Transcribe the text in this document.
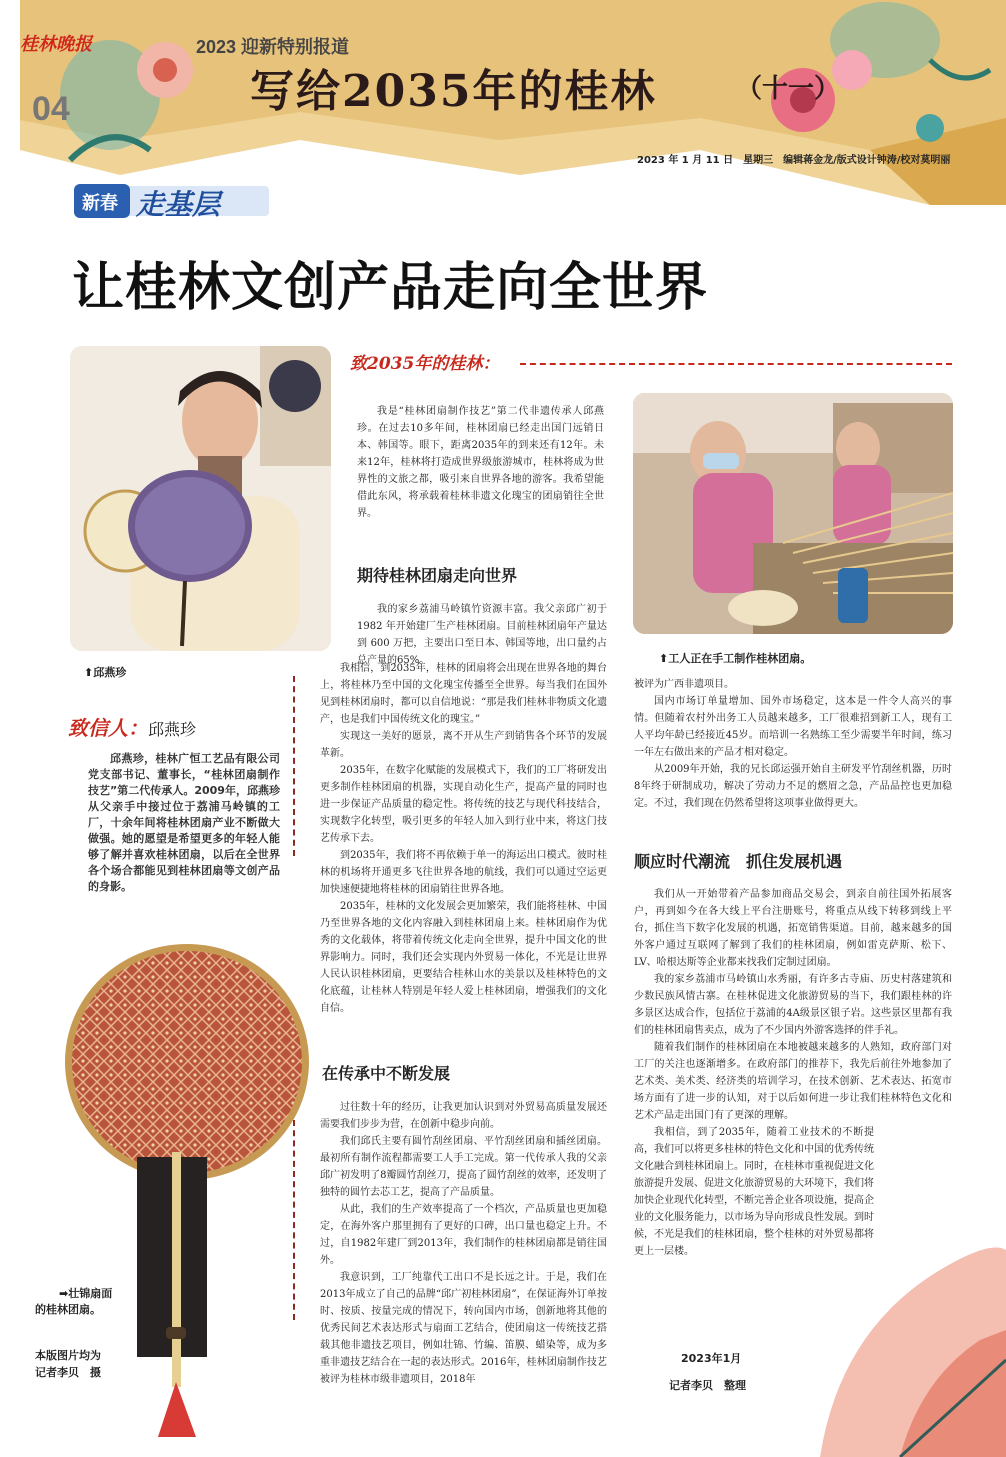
桂林晚报
04
2023 迎新特别报道
写给2035年的桂林	（十一）
2023 年 1 月 11 日　星期三　编辑蒋金龙/版式设计钟涛/校对莫明丽
新春 走基层
让桂林文创产品走向全世界
⬆邱燕珍
⬆工人正在手工制作桂林团扇。
➡壮锦扇面
的桂林团扇。
本版图片均为
记者李贝　摄
致信人：邱燕珍

邱燕珍，桂林广恒工艺品有限公司党支部书记、董事长，“桂林团扇制作技艺”第二代传承人。2009年，邱燕珍从父亲手中接过位于荔浦马岭镇的工厂，十余年间将桂林团扇产业不断做大做强。她的愿望是希望更多的年轻人能够了解并喜欢桂林团扇，以后在全世界各个场合都能见到桂林团扇等文创产品的身影。

致2035年的桂林：

我是“桂林团扇制作技艺”第二代非遗传承人邱燕珍。在过去10多年间，桂林团扇已经走出国门远销日本、韩国等。眼下，距离2035年的到来还有12年。未来12年，桂林将打造成世界级旅游城市，桂林将成为世界性的文旅之都，吸引来自世界各地的游客。我希望能借此东风，将承载着桂林非遗文化瑰宝的团扇销往全世界。

期待桂林团扇走向世界

我的家乡荔浦马岭镇竹资源丰富。我父亲邱广初于 1982 年开始建厂生产桂林团扇。目前桂林团扇年产量达到 600 万把，主要出口至日本、韩国等地，出口量约占总产量的65%。

我相信，到2035年，桂林的团扇将会出现在世界各地的舞台上，将桂林乃至中国的文化瑰宝传播至全世界。每当我们在国外见到桂林团扇时，都可以自信地说：“那是我们桂林非物质文化遗产，也是我们中国传统文化的瑰宝。”

实现这一美好的愿景，离不开从生产到销售各个环节的发展革新。

2035年，在数字化赋能的发展模式下，我们的工厂将研发出更多制作桂林团扇的机器，实现自动化生产，提高产量的同时也进一步保证产品质量的稳定性。将传统的技艺与现代科技结合，实现数字化转型，吸引更多的年轻人加入到行业中来，将这门技艺传承下去。

到2035年，我们将不再依赖于单一的海运出口模式。彼时桂林的机场将开通更多飞往世界各地的航线，我们可以通过空运更加快速便捷地将桂林的团扇销往世界各地。

2035年，桂林的文化发展会更加繁荣，我们能将桂林、中国乃至世界各地的文化内容融入到桂林团扇上来。桂林团扇作为优秀的文化载体，将带着传统文化走向全世界，提升中国文化的世界影响力。同时，我们还会实现内外贸易一体化，不光是让世界人民认识桂林团扇，更要结合桂林山水的美景以及桂林特色的文化底蕴，让桂林人特别是年轻人爱上桂林团扇，增强我们的文化自信。

在传承中不断发展

过往数十年的经历，让我更加认识到对外贸易高质量发展还需要我们步步为营，在创新中稳步向前。

我们邱氏主要有圆竹刮丝团扇、平竹刮丝团扇和插丝团扇。最初所有制作流程都需要工人手工完成。第一代传承人我的父亲邱广初发明了8瓣圆竹刮丝刀，提高了圆竹刮丝的效率，还发明了独特的圆竹去芯工艺，提高了产品质量。

从此，我们的生产效率提高了一个档次，产品质量也更加稳定，在海外客户那里拥有了更好的口碑，出口量也稳定上升。不过，自1982年建厂到2013年，我们制作的桂林团扇都是销往国外。

我意识到，工厂纯靠代工出口不是长远之计。于是，我们在2013年成立了自己的品牌“邱广初桂林团扇”，在保证海外订单按时、按质、按量完成的情况下，转向国内市场，创新地将其他的优秀民间艺术表达形式与扇面工艺结合，使团扇这一传统技艺搭载其他非遗技艺项目，例如壮锦、竹编、笛膜、蜡染等，成为多重非遗技艺结合在一起的表达形式。2016年，桂林团扇制作技艺被评为桂林市级非遗项目，2018年

被评为广西非遗项目。

国内市场订单量增加、国外市场稳定，这本是一件令人高兴的事情。但随着农村外出务工人员越来越多，工厂很难招到新工人，现有工人平均年龄已经接近45岁。而培训一名熟练工至少需要半年时间，练习一年左右做出来的产品才相对稳定。

从2009年开始，我的兄长邱运强开始自主研发平竹刮丝机器，历时8年终于研制成功，解决了劳动力不足的燃眉之急，产品品控也更加稳定。不过，我们现在仍然希望将这项事业做得更大。

顺应时代潮流　抓住发展机遇

我们从一开始带着产品参加商品交易会，到亲自前往国外拓展客户，再到如今在各大线上平台注册账号，将重点从线下转移到线上平台，抓住当下数字化发展的机遇，拓宽销售渠道。目前，越来越多的国外客户通过互联网了解到了我们的桂林团扇，例如雷克萨斯、松下、LV、哈根达斯等企业都来找我们定制过团扇。

我的家乡荔浦市马岭镇山水秀丽，有许多古寺庙、历史村落建筑和少数民族风情古寨。在桂林促进文化旅游贸易的当下，我们跟桂林的许多景区达成合作，包括位于荔浦的4A级景区银子岩。这些景区里都有我们的桂林团扇售卖点，成为了不少国内外游客选择的伴手礼。

随着我们制作的桂林团扇在本地被越来越多的人熟知，政府部门对工厂的关注也逐渐增多。在政府部门的推荐下，我先后前往外地参加了艺术类、美术类、经济类的培训学习，在技术创新、艺术表达、拓宽市场方面有了进一步的认知，对于以后如何进一步让我们桂林特色文化和艺术产品走出国门有了更深的理解。

我相信，到了2035年，随着工业技术的不断提高，我们可以将更多桂林的特色文化和中国的优秀传统文化融合到桂林团扇上。同时，在桂林市重视促进文化旅游提升发展、促进文化旅游贸易的大环境下，我们将加快企业现代化转型，不断完善企业各项设施，提高企业的文化服务能力，以市场为导向形成良性发展。到时候，不光是我们的桂林团扇，整个桂林的对外贸易都将更上一层楼。

2023年1月
记者李贝　整理
